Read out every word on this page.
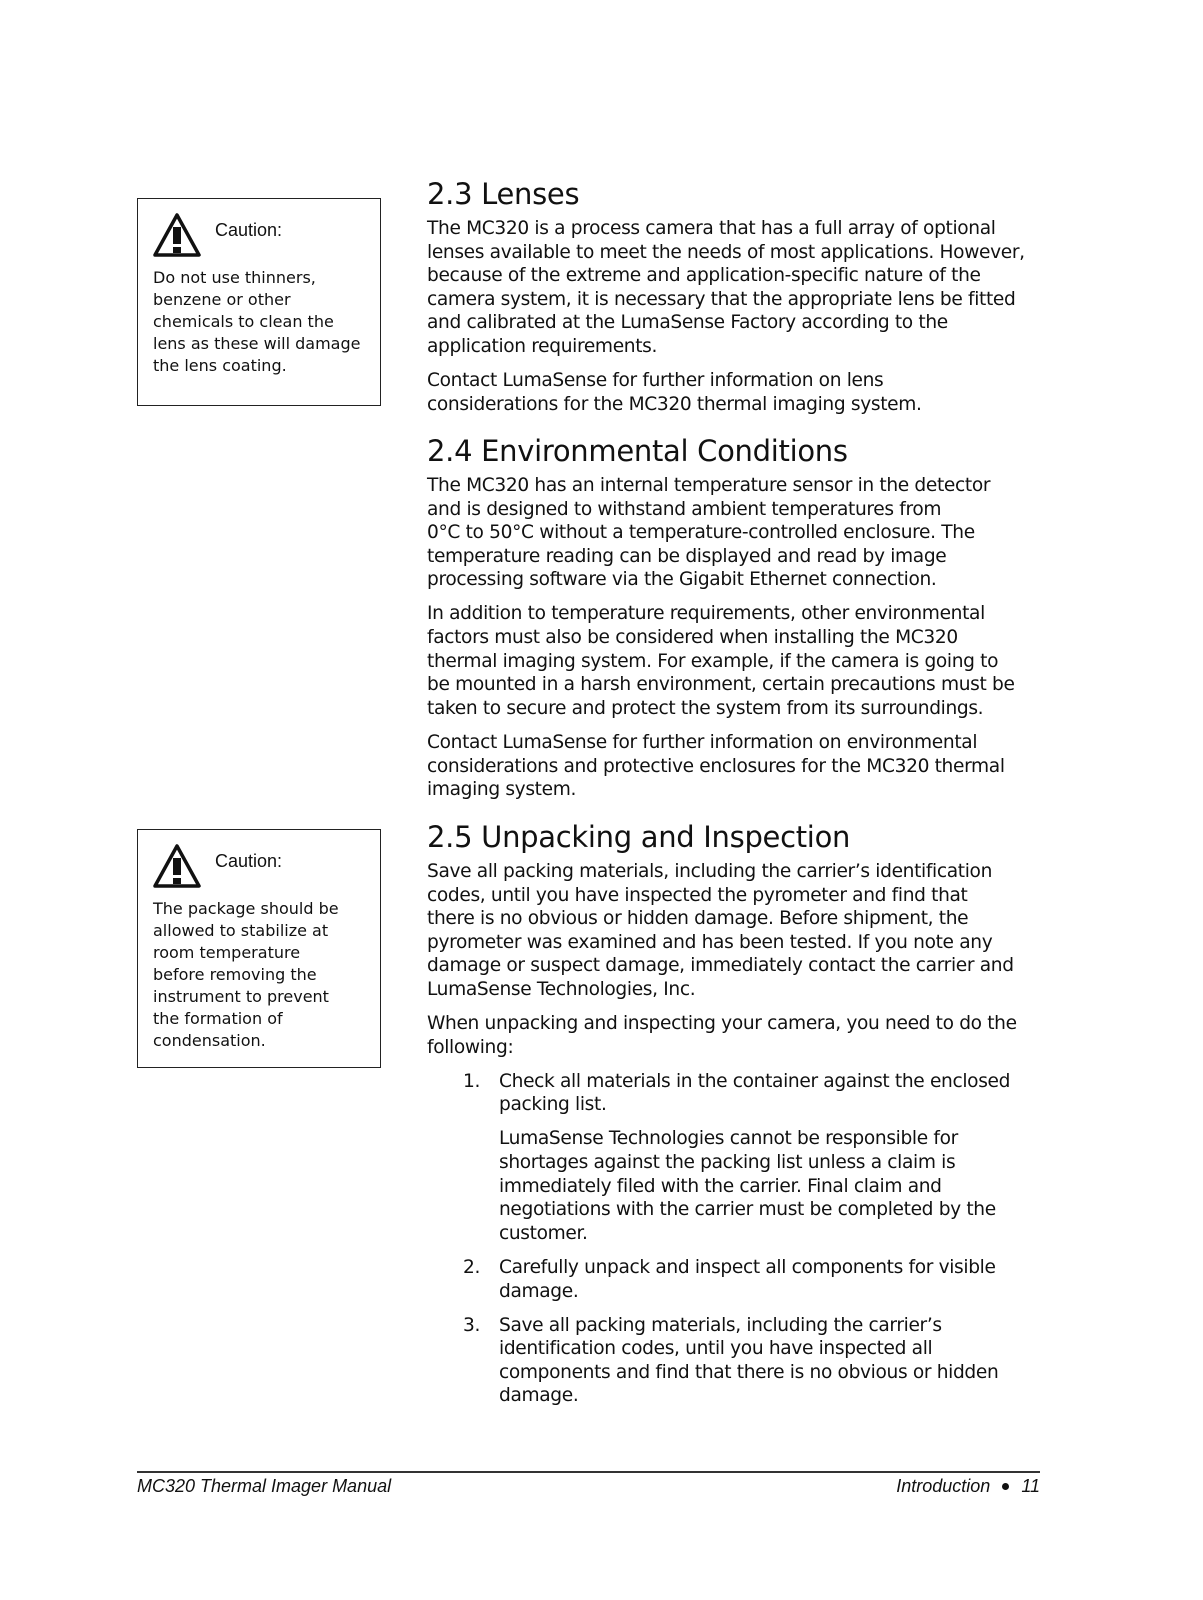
Caution:
Do not use thinners,
benzene or other
chemicals to clean the
lens as these will damage
the lens coating.
Caution:
The package should be
allowed to stabilize at
room temperature
before removing the
instrument to prevent
the formation of
condensation.
2.3 Lenses

The MC320 is a process camera that has a full array of optional
lenses available to meet the needs of most applications. However,
because of the extreme and application-specific nature of the
camera system, it is necessary that the appropriate lens be fitted
and calibrated at the LumaSense Factory according to the
application requirements.

Contact LumaSense for further information on lens
considerations for the MC320 thermal imaging system.

2.4 Environmental Conditions

The MC320 has an internal temperature sensor in the detector
and is designed to withstand ambient temperatures from
0°C to 50°C without a temperature-controlled enclosure. The
temperature reading can be displayed and read by image
processing software via the Gigabit Ethernet connection.

In addition to temperature requirements, other environmental
factors must also be considered when installing the MC320
thermal imaging system. For example, if the camera is going to
be mounted in a harsh environment, certain precautions must be
taken to secure and protect the system from its surroundings.

Contact LumaSense for further information on environmental
considerations and protective enclosures for the MC320 thermal
imaging system.

2.5 Unpacking and Inspection

Save all packing materials, including the carrier’s identification
codes, until you have inspected the pyrometer and find that
there is no obvious or hidden damage. Before shipment, the
pyrometer was examined and has been tested. If you note any
damage or suspect damage, immediately contact the carrier and
LumaSense Technologies, Inc.

When unpacking and inspecting your camera, you need to do the
following:

1.	Check all materials in the container against the enclosed
packing list.

LumaSense Technologies cannot be responsible for
shortages against the packing list unless a claim is
immediately filed with the carrier. Final claim and
negotiations with the carrier must be completed by the
customer.

2.	Carefully unpack and inspect all components for visible
damage.

3.	Save all packing materials, including the carrier’s
identification codes, until you have inspected all
components and find that there is no obvious or hidden
damage.

MC320 Thermal Imager Manual	Introduction 11
